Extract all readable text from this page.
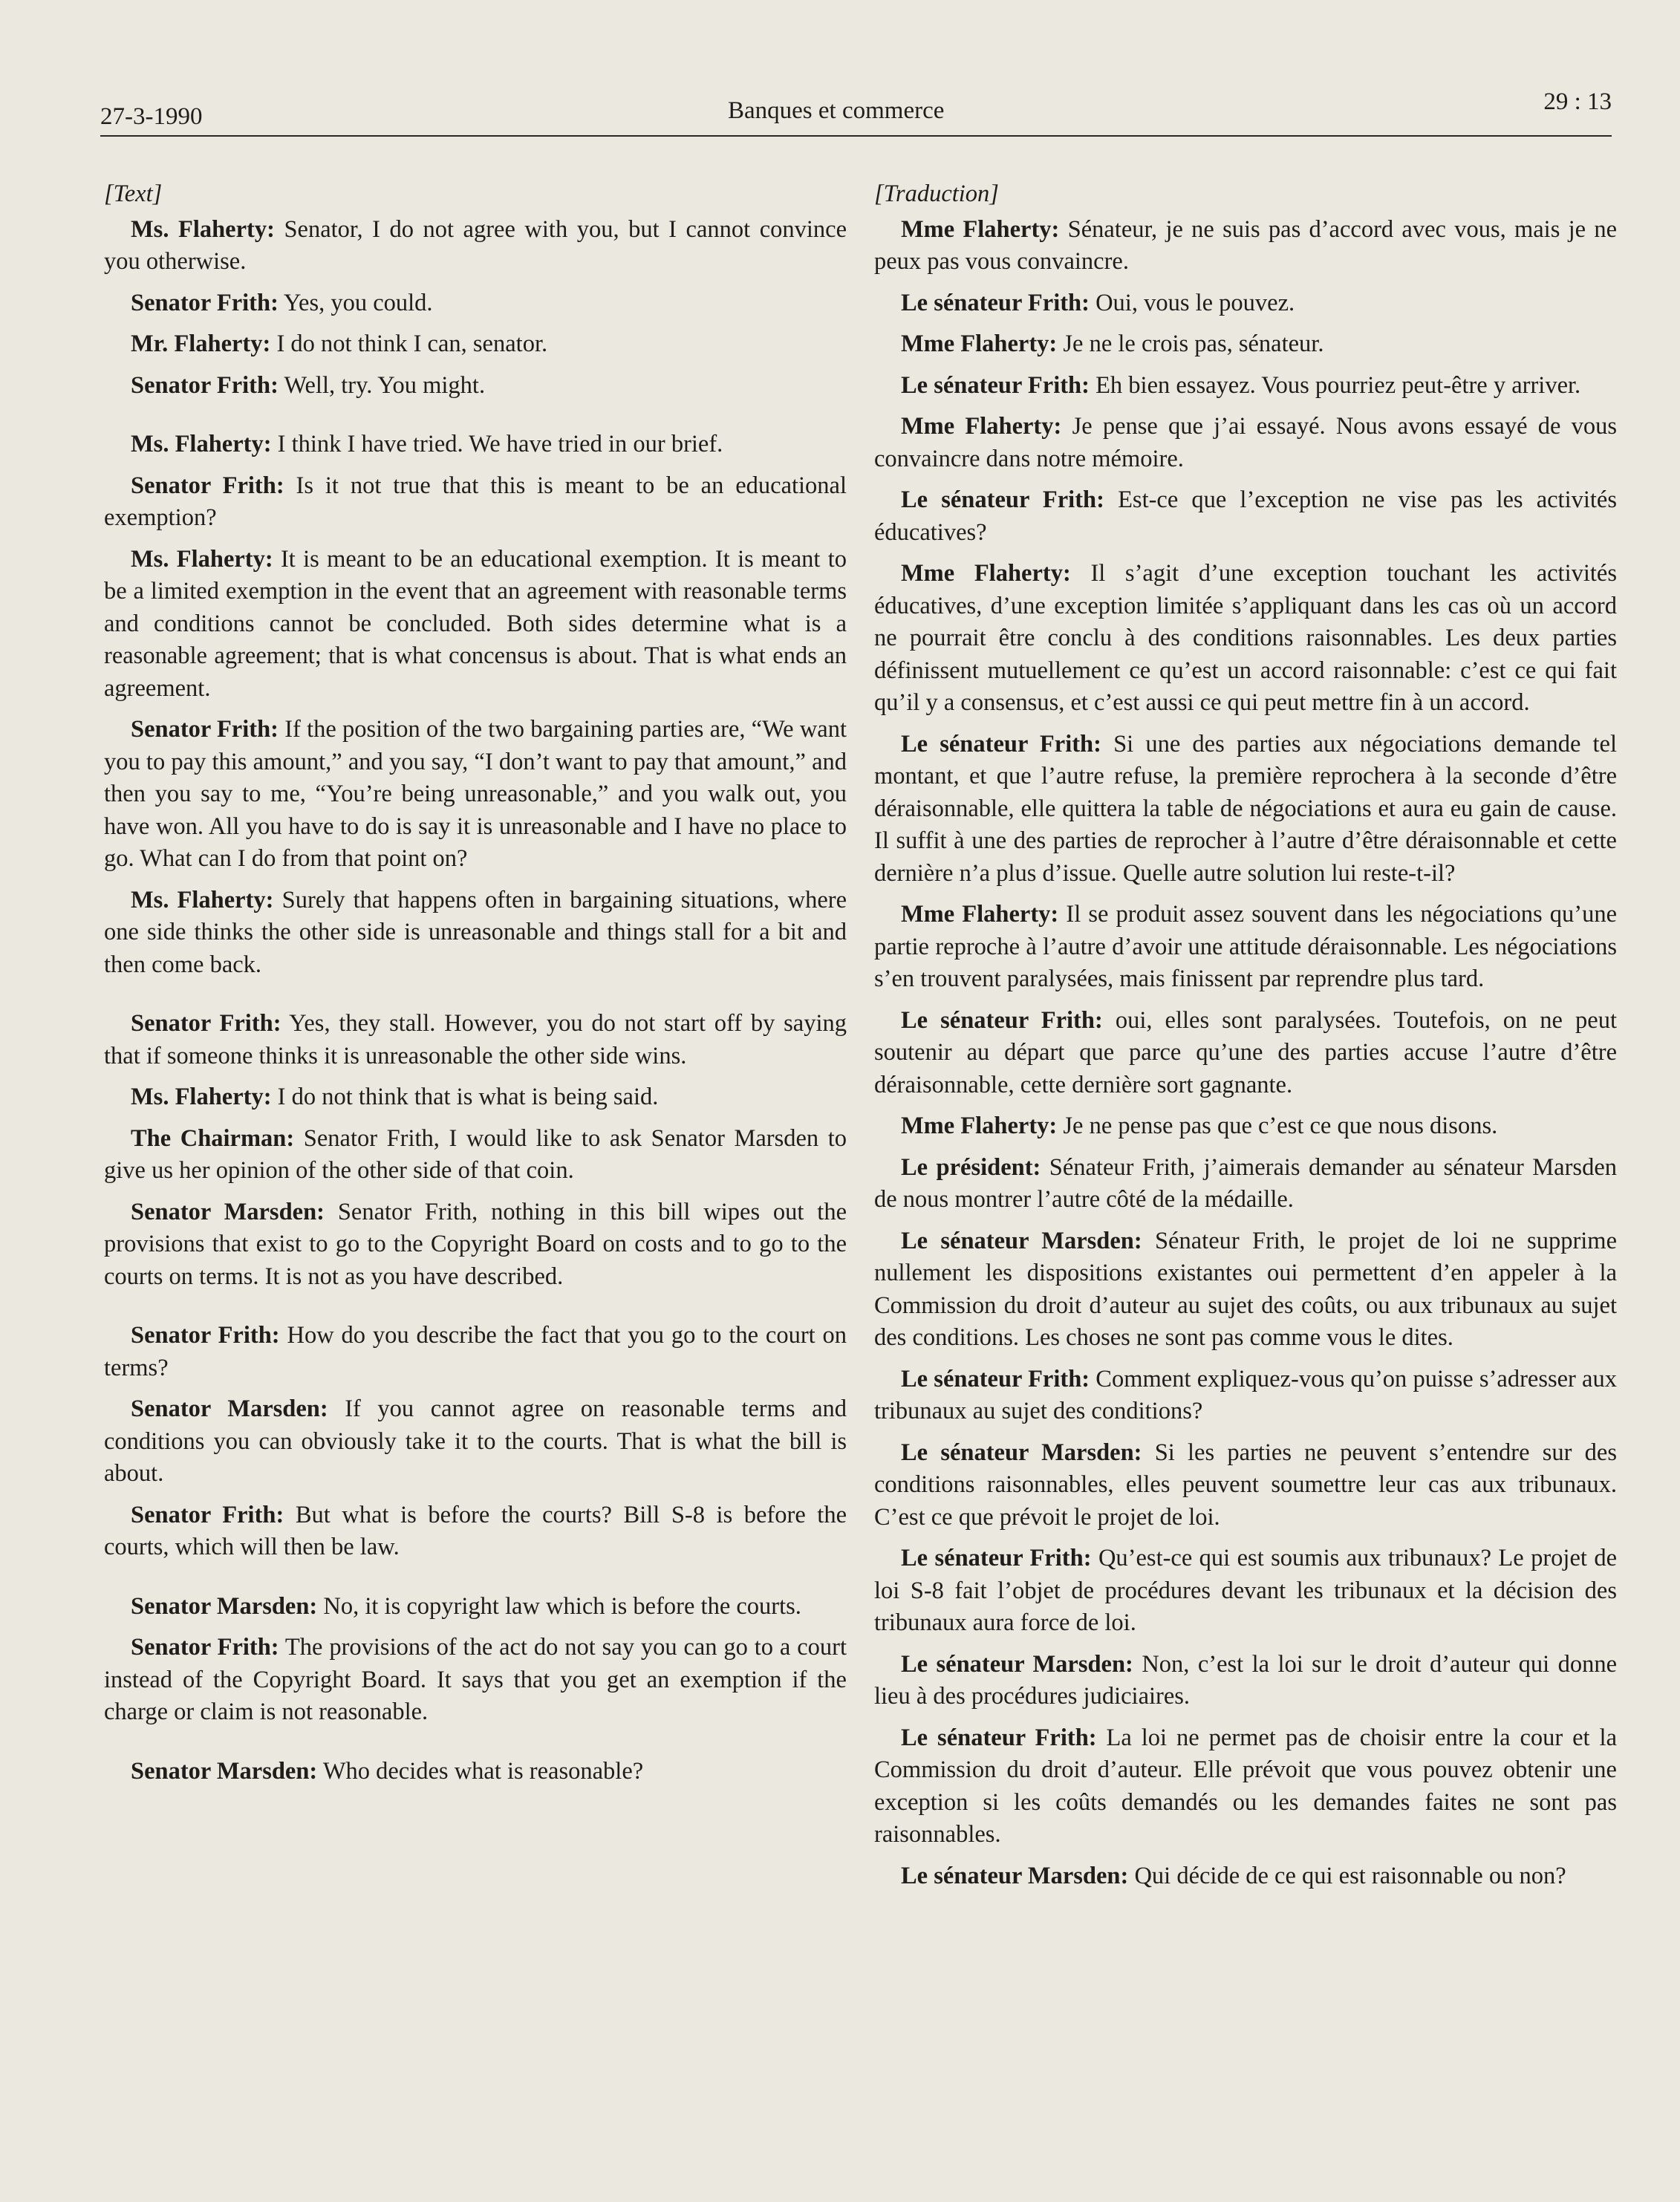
27-3-1990	Banques et commerce	29 : 13
[Text]

Ms. Flaherty: Senator, I do not agree with you, but I cannot convince you otherwise.

Senator Frith: Yes, you could.

Mr. Flaherty: I do not think I can, senator.

Senator Frith: Well, try. You might.

Ms. Flaherty: I think I have tried. We have tried in our brief.

Senator Frith: Is it not true that this is meant to be an educational exemption?

Ms. Flaherty: It is meant to be an educational exemption. It is meant to be a limited exemption in the event that an agreement with reasonable terms and conditions cannot be concluded. Both sides determine what is a reasonable agreement; that is what concensus is about. That is what ends an agreement.

Senator Frith: If the position of the two bargaining parties are, “We want you to pay this amount,” and you say, “I don’t want to pay that amount,” and then you say to me, “You’re being unreasonable,” and you walk out, you have won. All you have to do is say it is unreasonable and I have no place to go. What can I do from that point on?

Ms. Flaherty: Surely that happens often in bargaining situations, where one side thinks the other side is unreasonable and things stall for a bit and then come back.

Senator Frith: Yes, they stall. However, you do not start off by saying that if someone thinks it is unreasonable the other side wins.

Ms. Flaherty: I do not think that is what is being said.

The Chairman: Senator Frith, I would like to ask Senator Marsden to give us her opinion of the other side of that coin.

Senator Marsden: Senator Frith, nothing in this bill wipes out the provisions that exist to go to the Copyright Board on costs and to go to the courts on terms. It is not as you have described.

Senator Frith: How do you describe the fact that you go to the court on terms?

Senator Marsden: If you cannot agree on reasonable terms and conditions you can obviously take it to the courts. That is what the bill is about.

Senator Frith: But what is before the courts? Bill S-8 is before the courts, which will then be law.

Senator Marsden: No, it is copyright law which is before the courts.

Senator Frith: The provisions of the act do not say you can go to a court instead of the Copyright Board. It says that you get an exemption if the charge or claim is not reasonable.

Senator Marsden: Who decides what is reasonable?

[Traduction]

Mme Flaherty: Sénateur, je ne suis pas d’accord avec vous, mais je ne peux pas vous convaincre.

Le sénateur Frith: Oui, vous le pouvez.

Mme Flaherty: Je ne le crois pas, sénateur.

Le sénateur Frith: Eh bien essayez. Vous pourriez peut-être y arriver.

Mme Flaherty: Je pense que j’ai essayé. Nous avons essayé de vous convaincre dans notre mémoire.

Le sénateur Frith: Est-ce que l’exception ne vise pas les activités éducatives?

Mme Flaherty: Il s’agit d’une exception touchant les activités éducatives, d’une exception limitée s’appliquant dans les cas où un accord ne pourrait être conclu à des conditions raisonnables. Les deux parties définissent mutuellement ce qu’est un accord raisonnable: c’est ce qui fait qu’il y a consensus, et c’est aussi ce qui peut mettre fin à un accord.

Le sénateur Frith: Si une des parties aux négociations demande tel montant, et que l’autre refuse, la première reprochera à la seconde d’être déraisonnable, elle quittera la table de négociations et aura eu gain de cause. Il suffit à une des parties de reprocher à l’autre d’être déraisonnable et cette dernière n’a plus d’issue. Quelle autre solution lui reste-t-il?

Mme Flaherty: Il se produit assez souvent dans les négociations qu’une partie reproche à l’autre d’avoir une attitude déraisonnable. Les négociations s’en trouvent paralysées, mais finissent par reprendre plus tard.

Le sénateur Frith: oui, elles sont paralysées. Toutefois, on ne peut soutenir au départ que parce qu’une des parties accuse l’autre d’être déraisonnable, cette dernière sort gagnante.

Mme Flaherty: Je ne pense pas que c’est ce que nous disons.

Le président: Sénateur Frith, j’aimerais demander au sénateur Marsden de nous montrer l’autre côté de la médaille.

Le sénateur Marsden: Sénateur Frith, le projet de loi ne supprime nullement les dispositions existantes oui permettent d’en appeler à la Commission du droit d’auteur au sujet des coûts, ou aux tribunaux au sujet des conditions. Les choses ne sont pas comme vous le dites.

Le sénateur Frith: Comment expliquez-vous qu’on puisse s’adresser aux tribunaux au sujet des conditions?

Le sénateur Marsden: Si les parties ne peuvent s’entendre sur des conditions raisonnables, elles peuvent soumettre leur cas aux tribunaux. C’est ce que prévoit le projet de loi.

Le sénateur Frith: Qu’est-ce qui est soumis aux tribunaux? Le projet de loi S-8 fait l’objet de procédures devant les tribunaux et la décision des tribunaux aura force de loi.

Le sénateur Marsden: Non, c’est la loi sur le droit d’auteur qui donne lieu à des procédures judiciaires.

Le sénateur Frith: La loi ne permet pas de choisir entre la cour et la Commission du droit d’auteur. Elle prévoit que vous pouvez obtenir une exception si les coûts demandés ou les demandes faites ne sont pas raisonnables.

Le sénateur Marsden: Qui décide de ce qui est raisonnable ou non?
